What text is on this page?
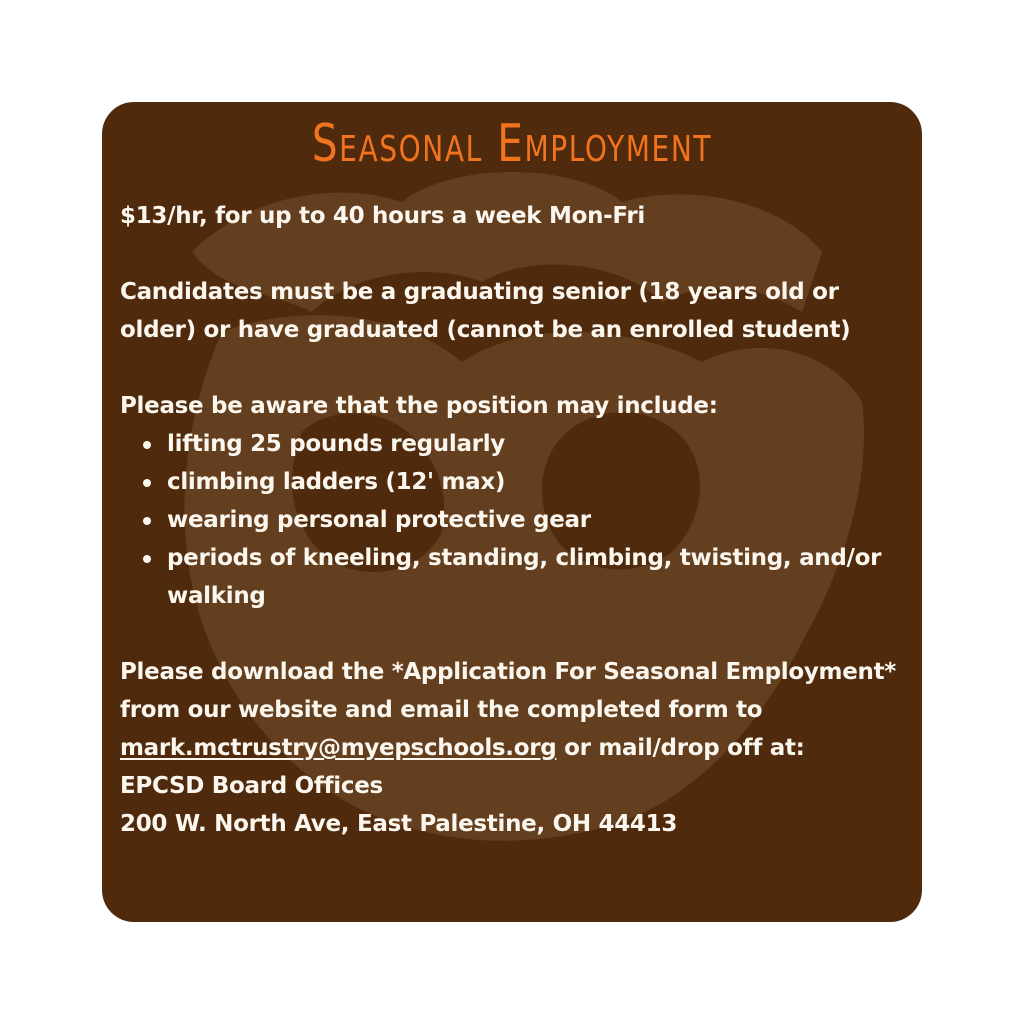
Seasonal Employment

$13/hr, for up to 40 hours a week Mon-Fri

Candidates must be a graduating senior (18 years old or older) or have graduated (cannot be an enrolled student)

Please be aware that the position may include:

lifting 25 pounds regularly
climbing ladders (12' max)
wearing personal protective gear
periods of kneeling, standing, climbing, twisting, and/or walking

Please download the *Application For Seasonal Employment* from our website and email the completed form to mark.mctrustry@myepschools.org or mail/drop off at:

EPCSD Board Offices

200 W. North Ave, East Palestine, OH 44413
